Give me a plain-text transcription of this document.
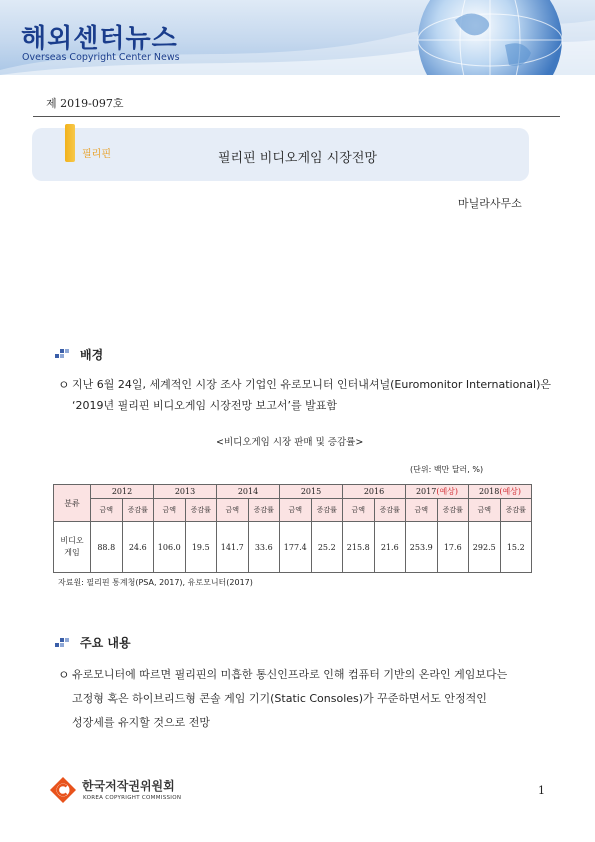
해외센터뉴스
Overseas Copyright Center News
제 2019-097호
필리핀	필리핀 비디오게임 시장전망
마닐라사무소
배경
ㅇ 지난 6월 24일, 세계적인 시장 조사 기업인 유로모니터 인터내셔널(Euromonitor International)은
‘2019년 필리핀 비디오게임 시장전망 보고서’를 발표함
<비디오게임 시장 판매 및 증감률>
(단위: 백만 달러, %)
분류	2012		2013		2014		2015		2016		2017(예상)		2018(예상)	
	금액	증감률	금액	증감률	금액	증감률	금액	증감률	금액	증감률	금액	증감률	금액	증감률
비디오
게임	88.8	24.6	106.0	19.5	141.7	33.6	177.4	25.2	215.8	21.6	253.9	17.6	292.5	15.2
자료원: 필리핀 통계청(PSA, 2017), 유로모니터(2017)
주요 내용
ㅇ 유로모니터에 따르면 필리핀의 미흡한 통신인프라로 인해 컴퓨터 기반의 온라인 게임보다는
고정형 혹은 하이브리드형 콘솔 게임 기기(Static Consoles)가 꾸준하면서도 안정적인
성장세를 유지할 것으로 전망
한국저작권위원회
KOREA COPYRIGHT COMMISSION
1
